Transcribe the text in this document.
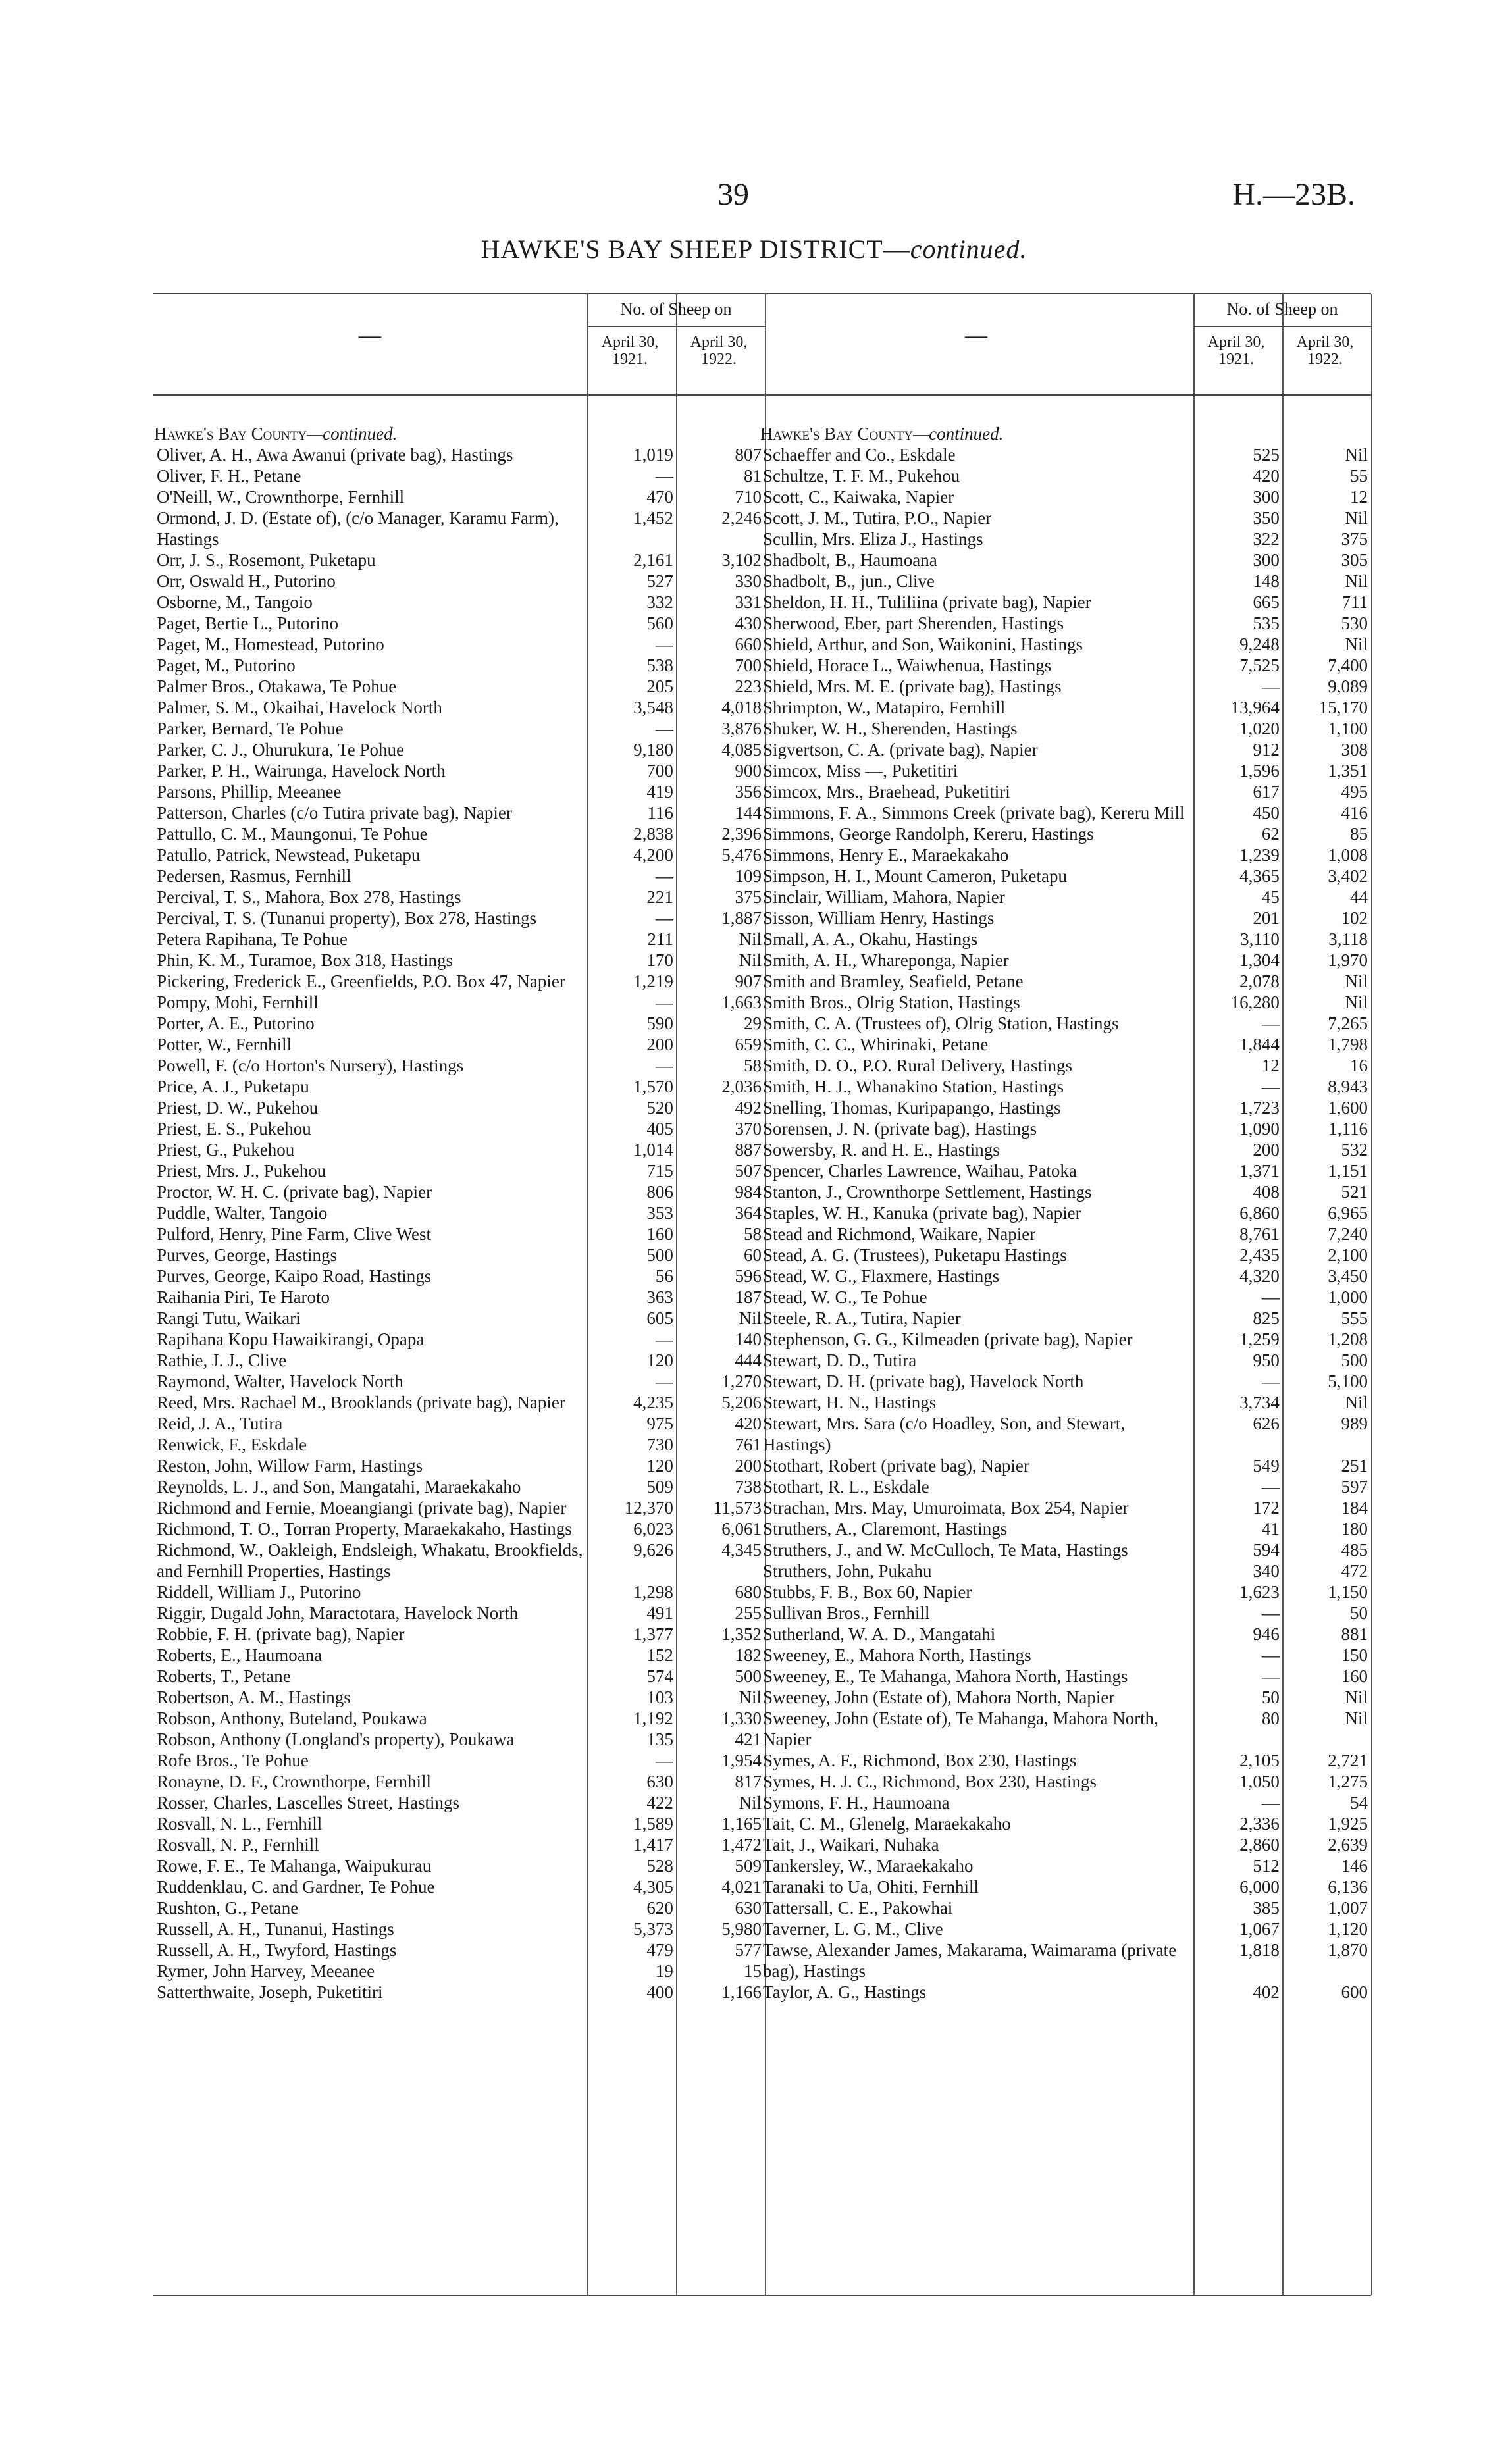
39	H.—23B.
HAWKE'S BAY SHEEP DISTRICT—continued.
—
No. of Sheep on
April 30, 1921.
April 30, 1922.
Hawke's Bay County—continued.
Oliver, A. H., Awa Awanui (private bag), Hastings	1,019	807
Oliver, F. H., Petane	—	81
O'Neill, W., Crownthorpe, Fernhill	470	710
Ormond, J. D. (Estate of), (c/o Manager, Karamu Farm), Hastings
1,452	2,246
Orr, J. S., Rosemont, Puketapu	2,161	3,102
Orr, Oswald H., Putorino	527	330
Osborne, M., Tangoio	332	331
Paget, Bertie L., Putorino	560	430
Paget, M., Homestead, Putorino	—	660
Paget, M., Putorino	538	700
Palmer Bros., Otakawa, Te Pohue	205	223
Palmer, S. M., Okaihai, Havelock North	3,548	4,018
Parker, Bernard, Te Pohue	—	3,876
Parker, C. J., Ohurukura, Te Pohue	9,180	4,085
Parker, P. H., Wairunga, Havelock North	700	900
Parsons, Phillip, Meeanee	419	356
Patterson, Charles (c/o Tutira private bag), Napier	116	144
Pattullo, C. M., Maungonui, Te Pohue	2,838	2,396
Patullo, Patrick, Newstead, Puketapu	4,200	5,476
Pedersen, Rasmus, Fernhill	—	109
Percival, T. S., Mahora, Box 278, Hastings	221	375
Percival, T. S. (Tunanui property), Box 278, Hastings	—	1,887
Petera Rapihana, Te Pohue	211	Nil
Phin, K. M., Turamoe, Box 318, Hastings	170	Nil
Pickering, Frederick E., Greenfields, P.O. Box 47, Napier	1,219	907
Pompy, Mohi, Fernhill	—	1,663
Porter, A. E., Putorino	590	29
Potter, W., Fernhill	200	659
Powell, F. (c/o Horton's Nursery), Hastings	—	58
Price, A. J., Puketapu	1,570	2,036
Priest, D. W., Pukehou	520	492
Priest, E. S., Pukehou	405	370
Priest, G., Pukehou	1,014	887
Priest, Mrs. J., Pukehou	715	507
Proctor, W. H. C. (private bag), Napier	806	984
Puddle, Walter, Tangoio	353	364
Pulford, Henry, Pine Farm, Clive West	160	58
Purves, George, Hastings	500	60
Purves, George, Kaipo Road, Hastings	56	596
Raihania Piri, Te Haroto	363	187
Rangi Tutu, Waikari	605	Nil
Rapihana Kopu Hawaikirangi, Opapa	—	140
Rathie, J. J., Clive	120	444
Raymond, Walter, Havelock North	—	1,270
Reed, Mrs. Rachael M., Brooklands (private bag), Napier	4,235	5,206
Reid, J. A., Tutira	975	420
Renwick, F., Eskdale	730	761
Reston, John, Willow Farm, Hastings	120	200
Reynolds, L. J., and Son, Mangatahi, Maraekakaho	509	738
Richmond and Fernie, Moeangiangi (private bag), Napier	12,370	11,573
Richmond, T. O., Torran Property, Maraekakaho, Hastings	6,023	6,061
Richmond, W., Oakleigh, Endsleigh, Whakatu, Brookfields, and Fernhill Properties, Hastings
9,626	4,345
Riddell, William J., Putorino	1,298	680
Riggir, Dugald John, Maractotara, Havelock North	491	255
Robbie, F. H. (private bag), Napier	1,377	1,352
Roberts, E., Haumoana	152	182
Roberts, T., Petane	574	500
Robertson, A. M., Hastings	103	Nil
Robson, Anthony, Buteland, Poukawa	1,192	1,330
Robson, Anthony (Longland's property), Poukawa	135	421
Rofe Bros., Te Pohue	—	1,954
Ronayne, D. F., Crownthorpe, Fernhill	630	817
Rosser, Charles, Lascelles Street, Hastings	422	Nil
Rosvall, N. L., Fernhill	1,589	1,165
Rosvall, N. P., Fernhill	1,417	1,472
Rowe, F. E., Te Mahanga, Waipukurau	528	509
Ruddenklau, C. and Gardner, Te Pohue	4,305	4,021
Rushton, G., Petane	620	630
Russell, A. H., Tunanui, Hastings	5,373	5,980
Russell, A. H., Twyford, Hastings	479	577
Rymer, John Harvey, Meeanee	19	15
Satterthwaite, Joseph, Puketitiri	400	1,166
—
No. of Sheep on
April 30, 1921.
April 30, 1922.
Hawke's Bay County—continued.
Schaeffer and Co., Eskdale	525	Nil
Schultze, T. F. M., Pukehou	420	55
Scott, C., Kaiwaka, Napier	300	12
Scott, J. M., Tutira, P.O., Napier	350	Nil
Scullin, Mrs. Eliza J., Hastings	322	375
Shadbolt, B., Haumoana	300	305
Shadbolt, B., jun., Clive	148	Nil
Sheldon, H. H., Tuliliina (private bag), Napier	665	711
Sherwood, Eber, part Sherenden, Hastings	535	530
Shield, Arthur, and Son, Waikonini, Hastings	9,248	Nil
Shield, Horace L., Waiwhenua, Hastings	7,525	7,400
Shield, Mrs. M. E. (private bag), Hastings	—	9,089
Shrimpton, W., Matapiro, Fernhill	13,964	15,170
Shuker, W. H., Sherenden, Hastings	1,020	1,100
Sigvertson, C. A. (private bag), Napier	912	308
Simcox, Miss —, Puketitiri	1,596	1,351
Simcox, Mrs., Braehead, Puketitiri	617	495
Simmons, F. A., Simmons Creek (private bag), Kereru Mill	450	416
Simmons, George Randolph, Kereru, Hastings	62	85
Simmons, Henry E., Maraekakaho	1,239	1,008
Simpson, H. I., Mount Cameron, Puketapu	4,365	3,402
Sinclair, William, Mahora, Napier	45	44
Sisson, William Henry, Hastings	201	102
Small, A. A., Okahu, Hastings	3,110	3,118
Smith, A. H., Whareponga, Napier	1,304	1,970
Smith and Bramley, Seafield, Petane	2,078	Nil
Smith Bros., Olrig Station, Hastings	16,280	Nil
Smith, C. A. (Trustees of), Olrig Station, Hastings	—	7,265
Smith, C. C., Whirinaki, Petane	1,844	1,798
Smith, D. O., P.O. Rural Delivery, Hastings	12	16
Smith, H. J., Whanakino Station, Hastings	—	8,943
Snelling, Thomas, Kuripapango, Hastings	1,723	1,600
Sorensen, J. N. (private bag), Hastings	1,090	1,116
Sowersby, R. and H. E., Hastings	200	532
Spencer, Charles Lawrence, Waihau, Patoka	1,371	1,151
Stanton, J., Crownthorpe Settlement, Hastings	408	521
Staples, W. H., Kanuka (private bag), Napier	6,860	6,965
Stead and Richmond, Waikare, Napier	8,761	7,240
Stead, A. G. (Trustees), Puketapu Hastings	2,435	2,100
Stead, W. G., Flaxmere, Hastings	4,320	3,450
Stead, W. G., Te Pohue	—	1,000
Steele, R. A., Tutira, Napier	825	555
Stephenson, G. G., Kilmeaden (private bag), Napier	1,259	1,208
Stewart, D. D., Tutira	950	500
Stewart, D. H. (private bag), Havelock North	—	5,100
Stewart, H. N., Hastings	3,734	Nil
Stewart, Mrs. Sara (c/o Hoadley, Son, and Stewart, Hastings)
626	989
Stothart, Robert (private bag), Napier	549	251
Stothart, R. L., Eskdale	—	597
Strachan, Mrs. May, Umuroimata, Box 254, Napier	172	184
Struthers, A., Claremont, Hastings	41	180
Struthers, J., and W. McCulloch, Te Mata, Hastings	594	485
Struthers, John, Pukahu	340	472
Stubbs, F. B., Box 60, Napier	1,623	1,150
Sullivan Bros., Fernhill	—	50
Sutherland, W. A. D., Mangatahi	946	881
Sweeney, E., Mahora North, Hastings	—	150
Sweeney, E., Te Mahanga, Mahora North, Hastings	—	160
Sweeney, John (Estate of), Mahora North, Napier	50	Nil
Sweeney, John (Estate of), Te Mahanga, Mahora North, Napier
80	Nil
Symes, A. F., Richmond, Box 230, Hastings	2,105	2,721
Symes, H. J. C., Richmond, Box 230, Hastings	1,050	1,275
Symons, F. H., Haumoana	—	54
Tait, C. M., Glenelg, Maraekakaho	2,336	1,925
Tait, J., Waikari, Nuhaka	2,860	2,639
Tankersley, W., Maraekakaho	512	146
Taranaki to Ua, Ohiti, Fernhill	6,000	6,136
Tattersall, C. E., Pakowhai	385	1,007
Taverner, L. G. M., Clive	1,067	1,120
Tawse, Alexander James, Makarama, Waimarama (private bag), Hastings
1,818	1,870
Taylor, A. G., Hastings	402	600
